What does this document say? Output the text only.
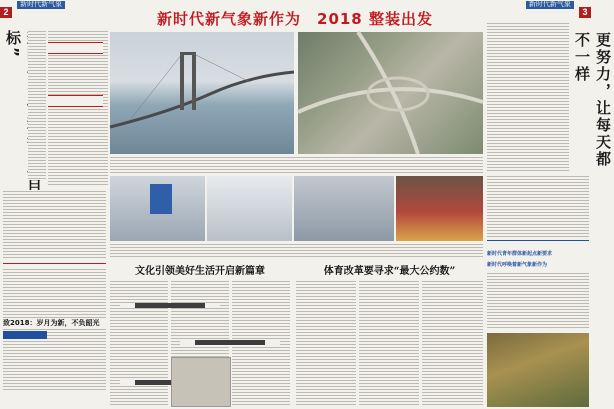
2 新时代新气象	新时代新气象 3
新时代新气象新作为　2018 整装出发
目标”
致2018：岁月为新，不负韶光
文化引领美好生活开启新篇章	体育改革要寻求“最大公约数”
更努力，让每天都不一样
新时代青年群体新起点新要求
新时代呼唤着新气象新作为
